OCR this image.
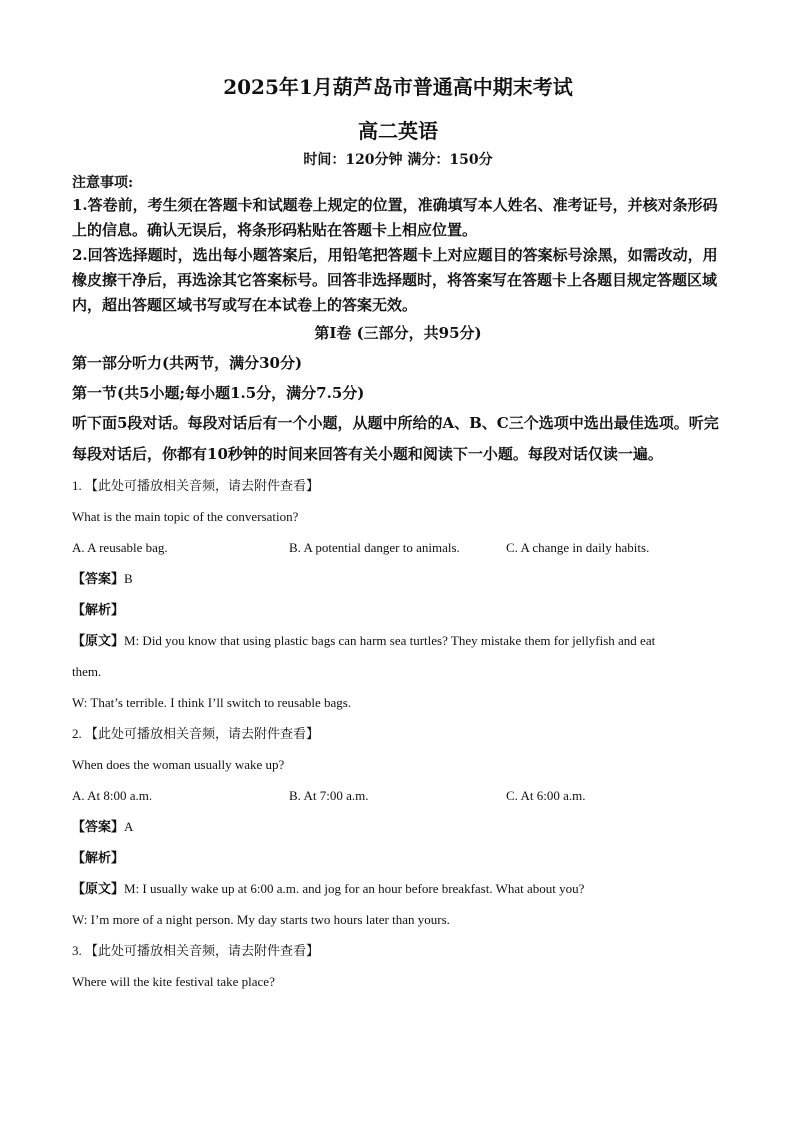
2025年1月葫芦岛市普通高中期末考试
高二英语
时间：120分钟 满分：150分
注意事项:
1.答卷前，考生须在答题卡和试题卷上规定的位置，准确填写本人姓名、准考证号，并核对条形码上的信息。确认无误后，将条形码粘贴在答题卡上相应位置。
2.回答选择题时，选出每小题答案后，用铅笔把答题卡上对应题目的答案标号涂黑，如需改动，用橡皮擦干净后，再选涂其它答案标号。回答非选择题时，将答案写在答题卡上各题目规定答题区域内，超出答题区域书写或写在本试卷上的答案无效。
第Ⅰ卷 (三部分，共95分)
第一部分听力(共两节，满分30分)
第一节(共5小题;每小题1.5分，满分7.5分)
听下面5段对话。每段对话后有一个小题，从题中所给的A、B、C三个选项中选出最佳选项。听完每段对话后，你都有10秒钟的时间来回答有关小题和阅读下一小题。每段对话仅读一遍。
1. 【此处可播放相关音频，请去附件查看】
What is the main topic of the conversation?
A. A reusable bag.	B. A potential danger to animals.	C. A change in daily habits.
【答案】B
【解析】
【原文】M: Did you know that using plastic bags can harm sea turtles? They mistake them for jellyfish and eat
them.
W: That’s terrible. I think I’ll switch to reusable bags.
2. 【此处可播放相关音频，请去附件查看】
When does the woman usually wake up?
A. At 8:00 a.m.	B. At 7:00 a.m.	C. At 6:00 a.m.
【答案】A
【解析】
【原文】M: I usually wake up at 6:00 a.m. and jog for an hour before breakfast. What about you?
W: I’m more of a night person. My day starts two hours later than yours.
3. 【此处可播放相关音频，请去附件查看】
Where will the kite festival take place?
